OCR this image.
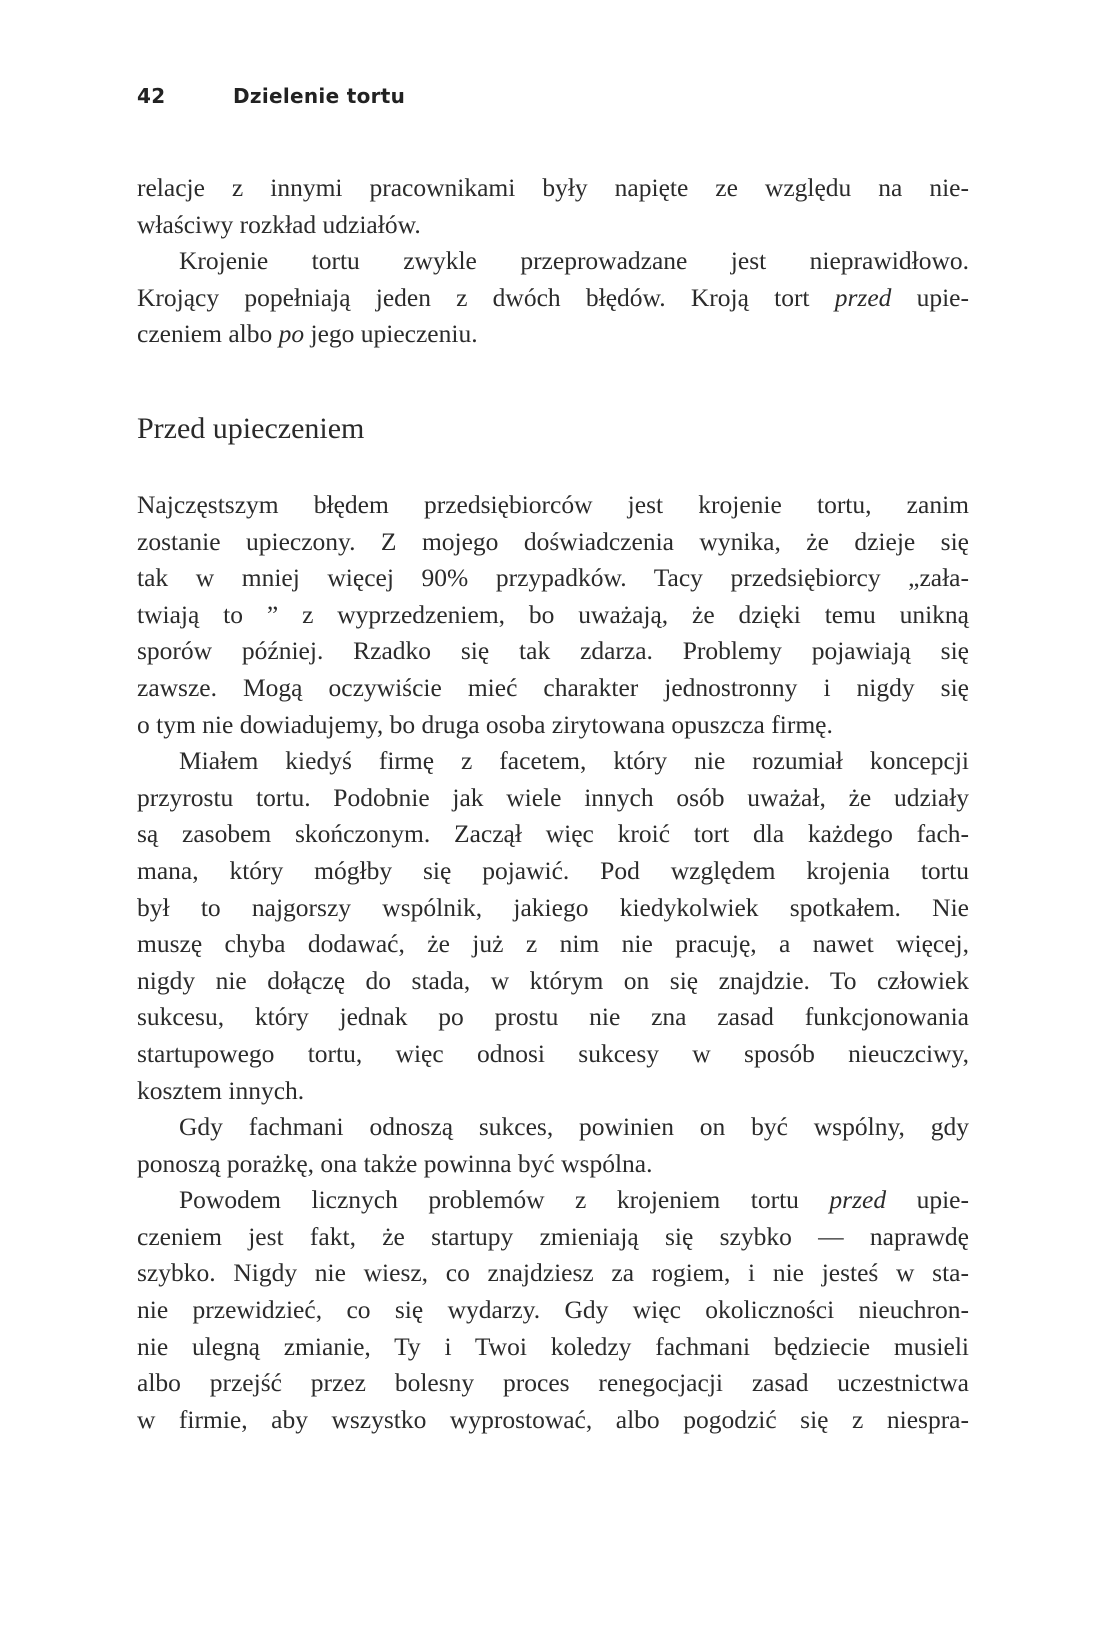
42	Dzielenie tortu

relacje z innymi pracownikami były napięte ze względu na nie-
właściwy rozkład udziałów.

Krojenie tortu zwykle przeprowadzane jest nieprawidłowo.
Krojący popełniają jeden z dwóch błędów. Kroją tort przed upie-
czeniem albo po jego upieczeniu.

Przed upieczeniem

Najczęstszym błędem przedsiębiorców jest krojenie tortu, zanim
zostanie upieczony. Z mojego doświadczenia wynika, że dzieje się
tak w mniej więcej 90% przypadków. Tacy przedsiębiorcy „zała-
twiają to ” z wyprzedzeniem, bo uważają, że dzięki temu unikną
sporów później. Rzadko się tak zdarza. Problemy pojawiają się
zawsze. Mogą oczywiście mieć charakter jednostronny i nigdy się
o tym nie dowiadujemy, bo druga osoba zirytowana opuszcza firmę.

Miałem kiedyś firmę z facetem, który nie rozumiał koncepcji
przyrostu tortu. Podobnie jak wiele innych osób uważał, że udziały
są zasobem skończonym. Zaczął więc kroić tort dla każdego fach-
mana, który mógłby się pojawić. Pod względem krojenia tortu
był to najgorszy wspólnik, jakiego kiedykolwiek spotkałem. Nie
muszę chyba dodawać, że już z nim nie pracuję, a nawet więcej,
nigdy nie dołączę do stada, w którym on się znajdzie. To człowiek
sukcesu, który jednak po prostu nie zna zasad funkcjonowania
startupowego tortu, więc odnosi sukcesy w sposób nieuczciwy,
kosztem innych.

Gdy fachmani odnoszą sukces, powinien on być wspólny, gdy
ponoszą porażkę, ona także powinna być wspólna.

Powodem licznych problemów z krojeniem tortu przed upie-
czeniem jest fakt, że startupy zmieniają się szybko — naprawdę
szybko. Nigdy nie wiesz, co znajdziesz za rogiem, i nie jesteś w sta-
nie przewidzieć, co się wydarzy. Gdy więc okoliczności nieuchron-
nie ulegną zmianie, Ty i Twoi koledzy fachmani będziecie musieli
albo przejść przez bolesny proces renegocjacji zasad uczestnictwa
w firmie, aby wszystko wyprostować, albo pogodzić się z niespra-
